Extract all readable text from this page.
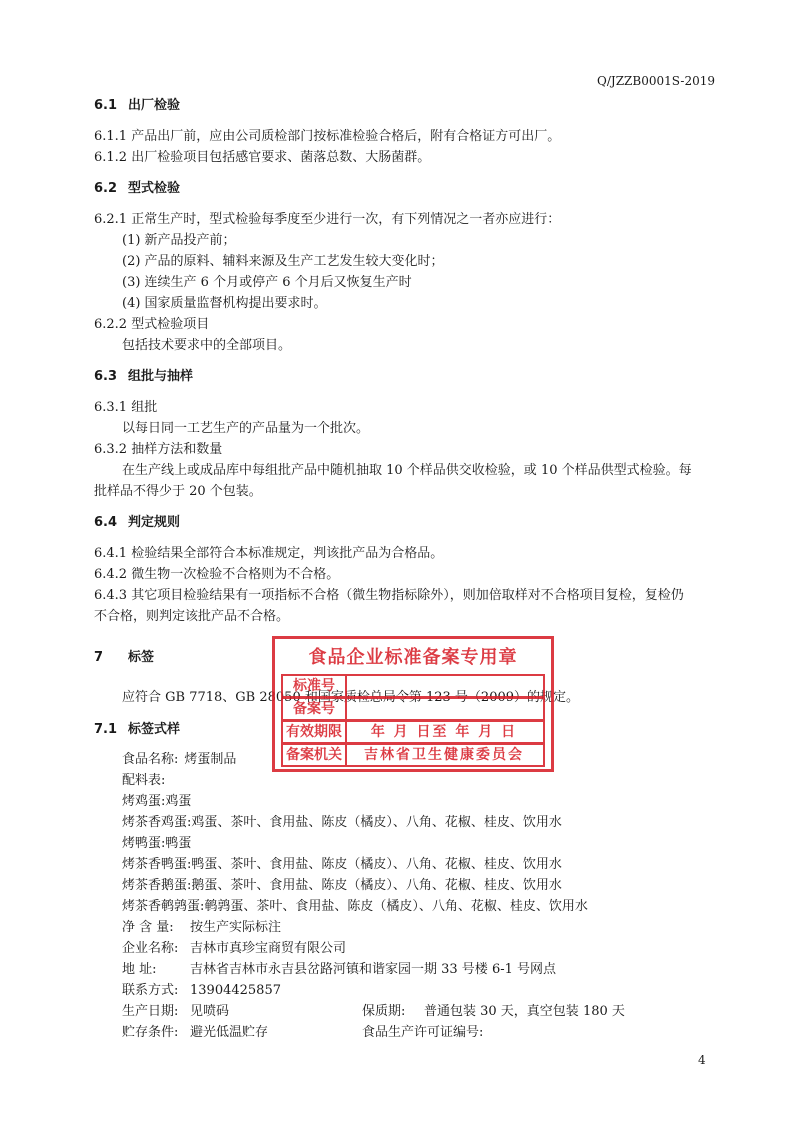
Q/JZZB0001S-2019
6.1 出厂检验
6.1.1 产品出厂前，应由公司质检部门按标准检验合格后，附有合格证方可出厂。
6.1.2 出厂检验项目包括感官要求、菌落总数、大肠菌群。
6.2 型式检验
6.2.1 正常生产时，型式检验每季度至少进行一次，有下列情况之一者亦应进行：
(1) 新产品投产前；
(2) 产品的原料、辅料来源及生产工艺发生较大变化时；
(3) 连续生产 6 个月或停产 6 个月后又恢复生产时
(4) 国家质量监督机构提出要求时。
6.2.2 型式检验项目
包括技术要求中的全部项目。
6.3 组批与抽样
6.3.1 组批
以每日同一工艺生产的产品量为一个批次。
6.3.2 抽样方法和数量
在生产线上或成品库中每组批产品中随机抽取 10 个样品供交收检验，或 10 个样品供型式检验。每
批样品不得少于 20 个包装。
6.4 判定规则
6.4.1 检验结果全部符合本标准规定，判该批产品为合格品。
6.4.2 微生物一次检验不合格则为不合格。
6.4.3 其它项目检验结果有一项指标不合格（微生物指标除外），则加倍取样对不合格项目复检，复检仍
不合格，则判定该批产品不合格。
7 标签
应符合 GB 7718、GB 28050 和国家质检总局令第 123 号（2009）的规定。
7.1 标签式样
食品名称: 烤蛋制品
配料表:
烤鸡蛋:鸡蛋
烤茶香鸡蛋:鸡蛋、茶叶、食用盐、陈皮（橘皮）、八角、花椒、桂皮、饮用水
烤鸭蛋:鸭蛋
烤茶香鸭蛋:鸭蛋、茶叶、食用盐、陈皮（橘皮）、八角、花椒、桂皮、饮用水
烤茶香鹅蛋:鹅蛋、茶叶、食用盐、陈皮（橘皮）、八角、花椒、桂皮、饮用水
烤茶香鹌鹑蛋:鹌鹑蛋、茶叶、食用盐、陈皮（橘皮）、八角、花椒、桂皮、饮用水
净 含 量: 按生产实际标注
企业名称: 吉林市真珍宝商贸有限公司
地 址:	吉林省吉林市永吉县岔路河镇和谐家园一期 33 号楼 6-1 号网点
联系方式: 13904425857
生产日期: 见喷码	保质期: 普通包装 30 天，真空包装 180 天
贮存条件: 避光低温贮存	食品生产许可证编号:
食品企业标准备案专用章
标准号
备案号
有效期限	年 月 日至 年 月 日
备案机关	吉林省卫生健康委员会
4
